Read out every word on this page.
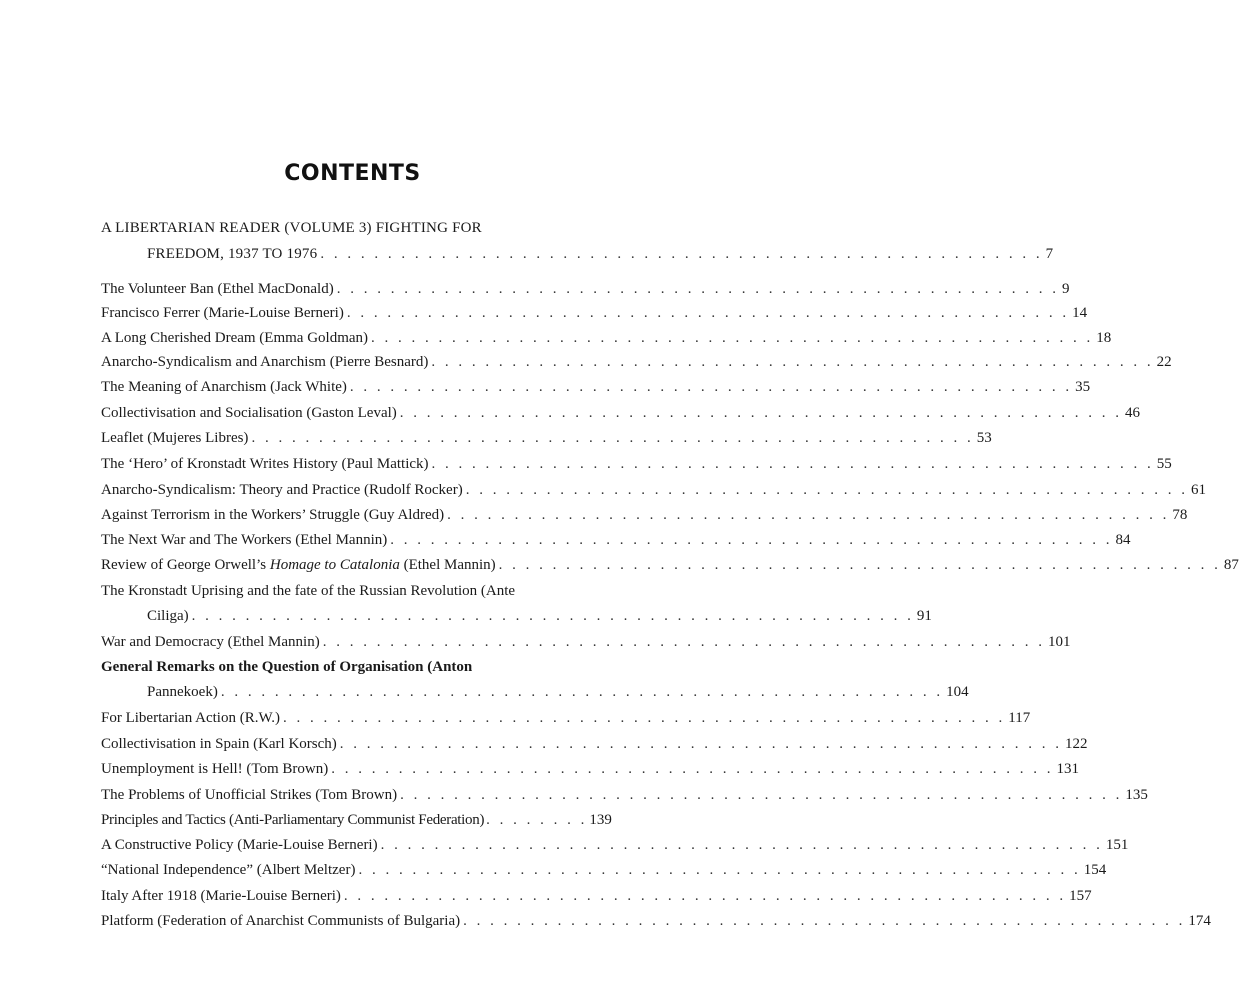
CONTENTS
A LIBERTARIAN READER (VOLUME 3) FIGHTING FOR
FREEDOM, 1937 TO 1976 . . . . . . . . . . . . . . . . . . . . . . . . . . . . . . . . . . . . . . . . . . . . . . . . . . . . . . 7
The Volunteer Ban (Ethel MacDonald) . . . . . . . . . . . . . . . . . . . . . . . . . . . . . . . . . . . . . . . . . . . . . . . . . . . . . . 9
Francisco Ferrer (Marie-Louise Berneri) . . . . . . . . . . . . . . . . . . . . . . . . . . . . . . . . . . . . . . . . . . . . . . . . . . . . . . 14
A Long Cherished Dream (Emma Goldman) . . . . . . . . . . . . . . . . . . . . . . . . . . . . . . . . . . . . . . . . . . . . . . . . . . . . . . 18
Anarcho-Syndicalism and Anarchism (Pierre Besnard) . . . . . . . . . . . . . . . . . . . . . . . . . . . . . . . . . . . . . . . . . . . . . . . . . . . . . . 22
The Meaning of Anarchism (Jack White) . . . . . . . . . . . . . . . . . . . . . . . . . . . . . . . . . . . . . . . . . . . . . . . . . . . . . . 35
Collectivisation and Socialisation (Gaston Leval) . . . . . . . . . . . . . . . . . . . . . . . . . . . . . . . . . . . . . . . . . . . . . . . . . . . . . . 46
Leaflet (Mujeres Libres) . . . . . . . . . . . . . . . . . . . . . . . . . . . . . . . . . . . . . . . . . . . . . . . . . . . . . . 53
The ‘Hero’ of Kronstadt Writes History (Paul Mattick) . . . . . . . . . . . . . . . . . . . . . . . . . . . . . . . . . . . . . . . . . . . . . . . . . . . . . . 55
Anarcho-Syndicalism: Theory and Practice (Rudolf Rocker) . . . . . . . . . . . . . . . . . . . . . . . . . . . . . . . . . . . . . . . . . . . . . . . . . . . . . . 61
Against Terrorism in the Workers’ Struggle (Guy Aldred) . . . . . . . . . . . . . . . . . . . . . . . . . . . . . . . . . . . . . . . . . . . . . . . . . . . . . . 78
The Next War and The Workers (Ethel Mannin) . . . . . . . . . . . . . . . . . . . . . . . . . . . . . . . . . . . . . . . . . . . . . . . . . . . . . . 84
Review of George Orwell’s Homage to Catalonia (Ethel Mannin) . . . . . . . . . . . . . . . . . . . . . . . . . . . . . . . . . . . . . . . . . . . . . . . . . . . . . . 87
The Kronstadt Uprising and the fate of the Russian Revolution (Ante
Ciliga) . . . . . . . . . . . . . . . . . . . . . . . . . . . . . . . . . . . . . . . . . . . . . . . . . . . . . . 91
War and Democracy (Ethel Mannin) . . . . . . . . . . . . . . . . . . . . . . . . . . . . . . . . . . . . . . . . . . . . . . . . . . . . . . 101
General Remarks on the Question of Organisation (Anton
Pannekoek) . . . . . . . . . . . . . . . . . . . . . . . . . . . . . . . . . . . . . . . . . . . . . . . . . . . . . . 104
For Libertarian Action (R.W.) . . . . . . . . . . . . . . . . . . . . . . . . . . . . . . . . . . . . . . . . . . . . . . . . . . . . . . 117
Collectivisation in Spain (Karl Korsch) . . . . . . . . . . . . . . . . . . . . . . . . . . . . . . . . . . . . . . . . . . . . . . . . . . . . . . 122
Unemployment is Hell! (Tom Brown) . . . . . . . . . . . . . . . . . . . . . . . . . . . . . . . . . . . . . . . . . . . . . . . . . . . . . . 131
The Problems of Unofficial Strikes (Tom Brown) . . . . . . . . . . . . . . . . . . . . . . . . . . . . . . . . . . . . . . . . . . . . . . . . . . . . . . 135
Principles and Tactics (Anti-Parliamentary Communist Federation) . . . . . . . . 139
A Constructive Policy (Marie-Louise Berneri) . . . . . . . . . . . . . . . . . . . . . . . . . . . . . . . . . . . . . . . . . . . . . . . . . . . . . . 151
“National Independence” (Albert Meltzer) . . . . . . . . . . . . . . . . . . . . . . . . . . . . . . . . . . . . . . . . . . . . . . . . . . . . . . 154
Italy After 1918 (Marie-Louise Berneri) . . . . . . . . . . . . . . . . . . . . . . . . . . . . . . . . . . . . . . . . . . . . . . . . . . . . . . 157
Platform (Federation of Anarchist Communists of Bulgaria) . . . . . . . . . . . . . . . . . . . . . . . . . . . . . . . . . . . . . . . . . . . . . . . . . . . . . . 174
